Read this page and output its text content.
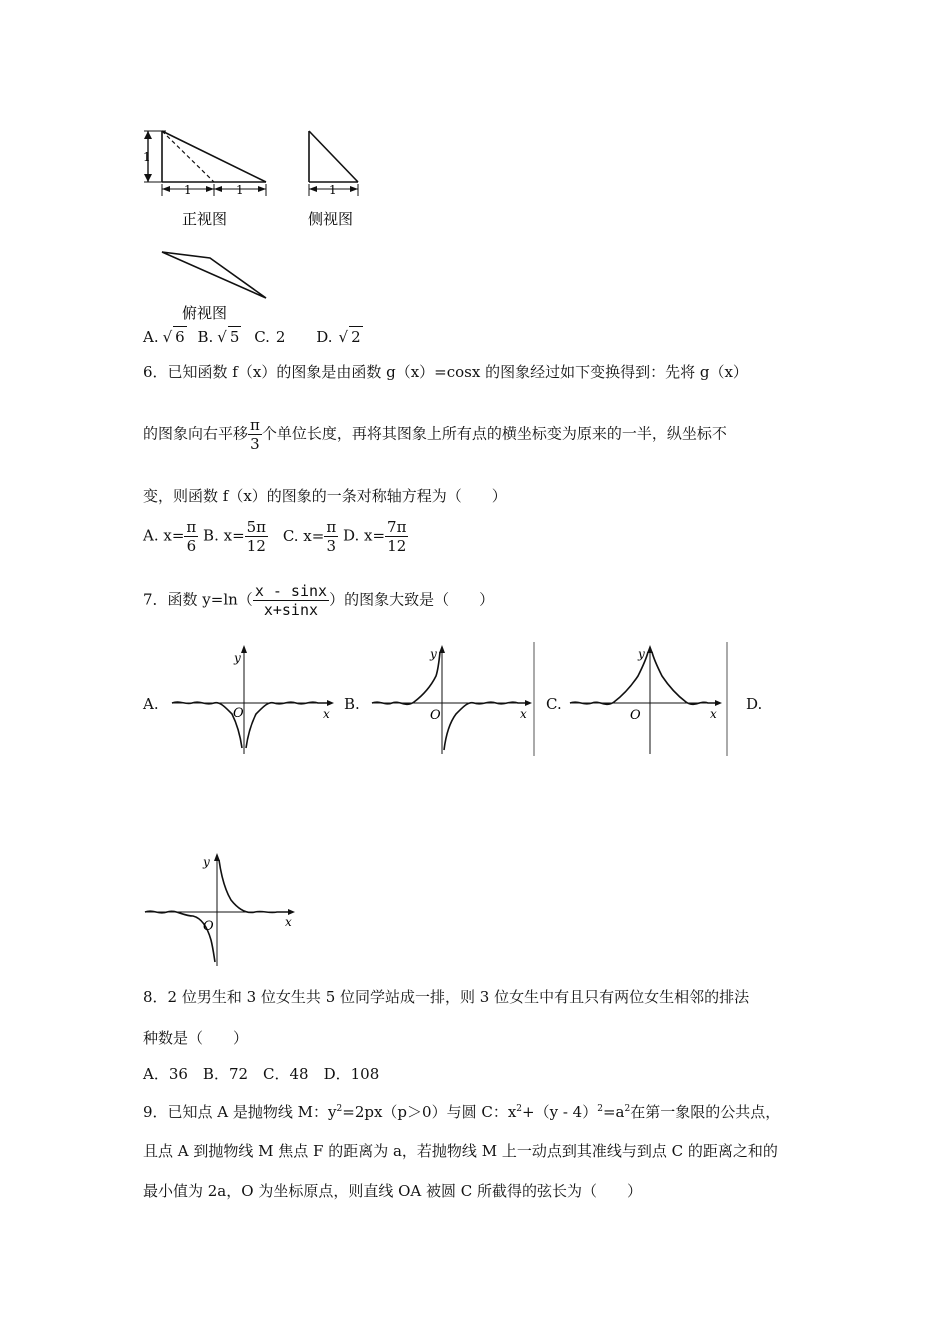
1
1	1
正视图
1
侧视图
俯视图
A. √ 6 B. √ 5 C. 2 D. √ 2
6．已知函数 f（x）的图象是由函数 g（x）=cosx 的图象经过如下变换得到：先将 g（x）
的图象向右平移 $\frac{\pi}{3}$ 个单位长度，再将其图象上所有点的横坐标变为原来的一半，纵坐标不
变，则函数 f（x）的图象的一条对称轴方程为（　　）
A. $x= \frac{\pi}{6} B$. $x= \frac{5\pi}{12} C$. $x= \frac{\pi}{3} D$. $x= \frac{7\pi}{12}$
7．函数 $y=\ln( \frac{x - \sin x}{x+\sin x}$ ）的图象大致是（　　）
A.	B.	C.	D.
y
x
O
y
x
O
y
x
O
y
x
O
8．2 位男生和 3 位女生共 5 位同学站成一排，则 3 位女生中有且只有两位女生相邻的排法
种数是（　　）
A．36　B．72　C．48　D．108
9．已知点 A 是抛物线 M：$y^2=2px(p>0)$与圆 C：$x^2+(y - 4)^2=a^2$在第一象限的公共点，
且点 A 到抛物线 M 焦点 F 的距离为 a，若抛物线 M 上一动点到其准线与到点 C 的距离之和的
最小值为 2a，O 为坐标原点，则直线 OA 被圆 C 所截得的弦长为（　　）
